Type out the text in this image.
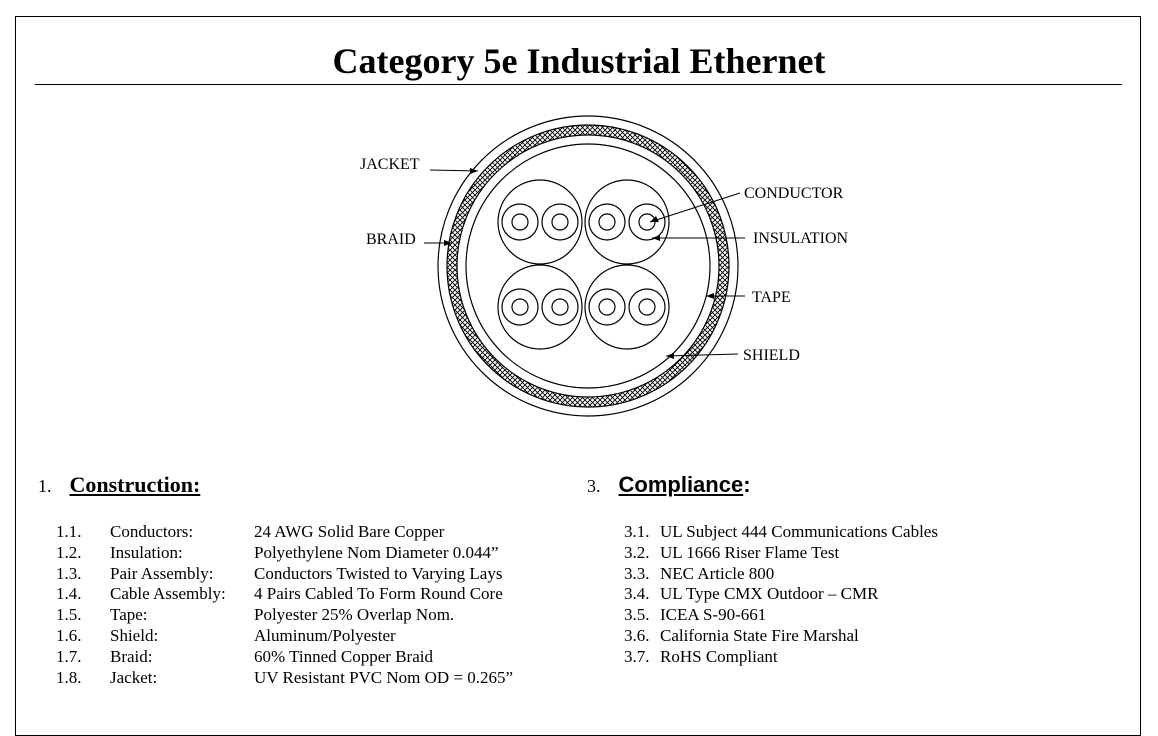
Category 5e Industrial Ethernet
JACKET
BRAID
CONDUCTOR
INSULATION
TAPE
SHIELD
1. Construction:
1.1. Conductors:	24 AWG Solid Bare Copper
1.2. Insulation:	Polyethylene Nom Diameter 0.044”
1.3. Pair Assembly: Conductors Twisted to Varying Lays
1.4. Cable Assembly: 4 Pairs Cabled To Form Round Core
1.5. Tape:	Polyester 25% Overlap Nom.
1.6. Shield:	Aluminum/Polyester
1.7. Braid:	60% Tinned Copper Braid
1.8. Jacket:	UV Resistant PVC Nom OD = 0.265”
3. Compliance:
3.1. UL Subject 444 Communications Cables
3.2. UL 1666 Riser Flame Test
3.3. NEC Article 800
3.4. UL Type CMX Outdoor – CMR
3.5. ICEA S-90-661
3.6. California State Fire Marshal
3.7. RoHS Compliant
